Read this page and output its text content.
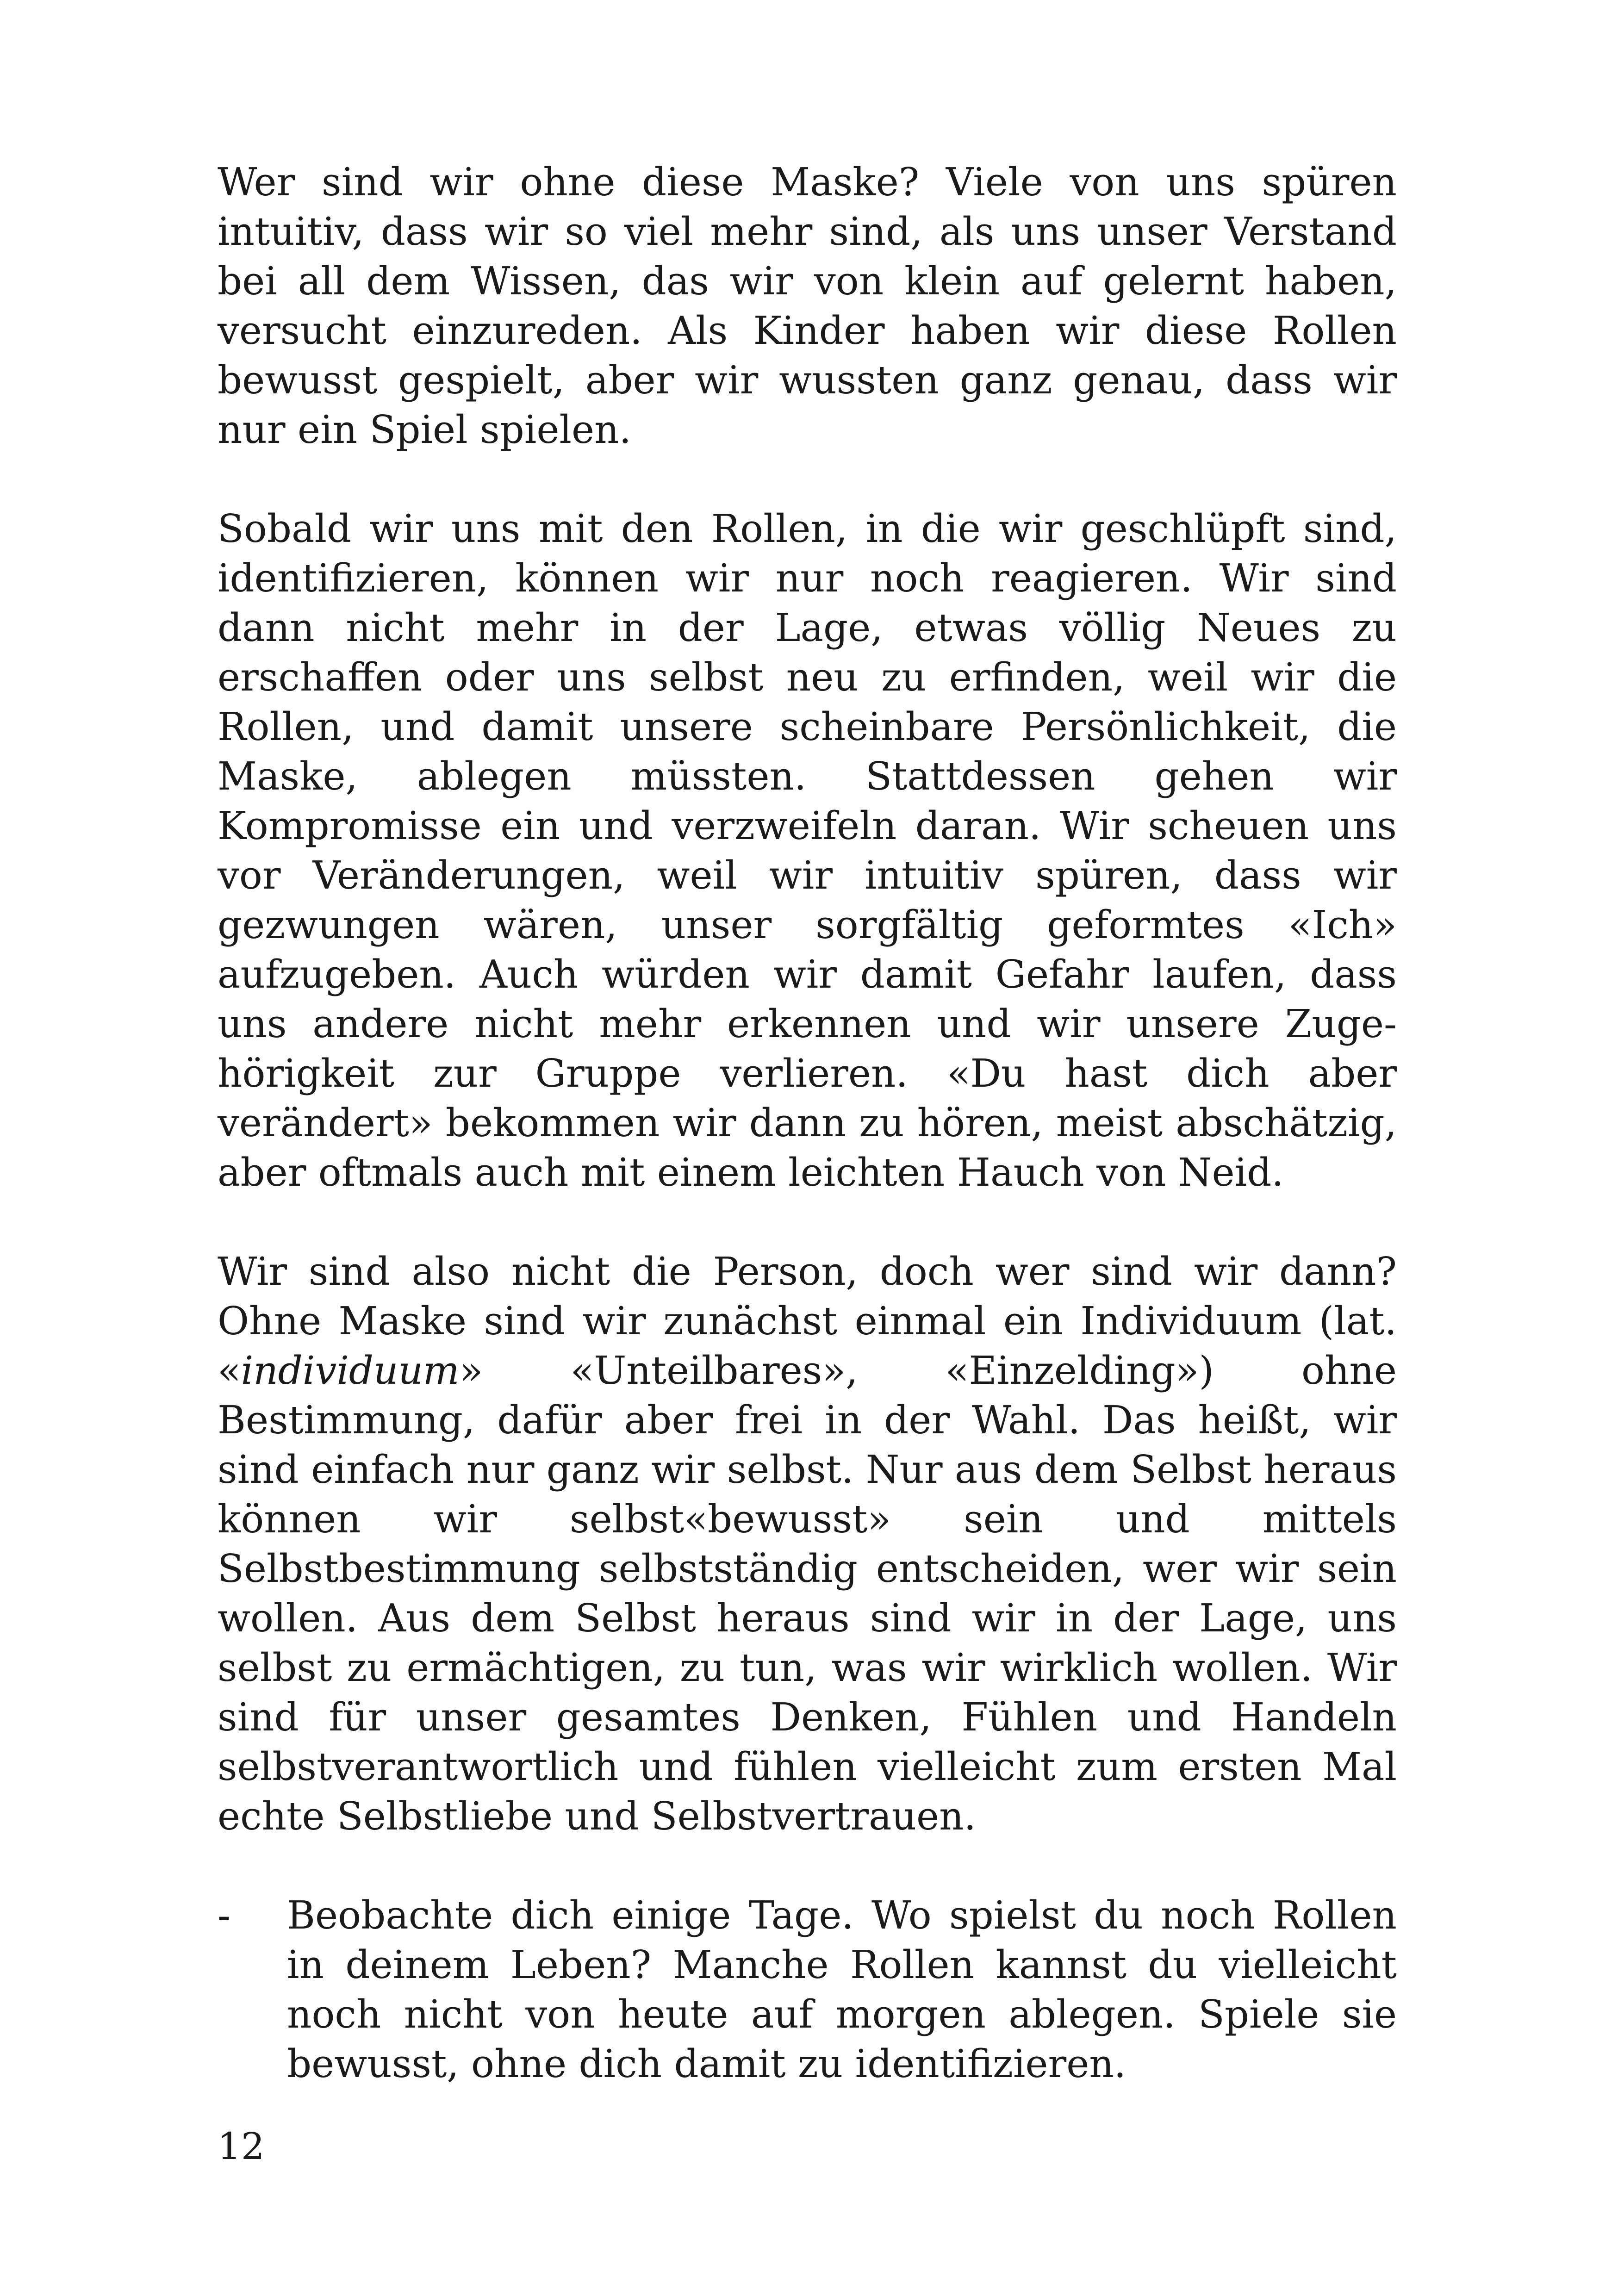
Wer sind wir ohne diese Maske? Viele von uns spüren intuitiv, dass wir so viel mehr sind, als uns unser Verstand bei all dem Wissen, das wir von klein auf gelernt haben, versucht einzureden. Als Kinder haben wir diese Rollen bewusst gespielt, aber wir wussten ganz genau, dass wir nur ein Spiel spielen.

Sobald wir uns mit den Rollen, in die wir geschlüpft sind, identifizieren, können wir nur noch reagieren. Wir sind dann nicht mehr in der Lage, etwas völlig Neues zu erschaffen oder uns selbst neu zu erfinden, weil wir die Rollen, und damit unsere scheinbare Persönlichkeit, die Maske, ablegen müssten. Stattdessen gehen wir Kompromisse ein und verzweifeln daran. Wir scheuen uns vor Veränderungen, weil wir intuitiv spüren, dass wir gezwungen wären, unser sorgfältig geformtes «Ich» aufzugeben. Auch würden wir damit Gefahr laufen, dass uns andere nicht mehr erkennen und wir unsere Zugehörigkeit zur Gruppe verlieren. «Du hast dich aber verändert» bekommen wir dann zu hören, meist abschätzig, aber oftmals auch mit einem leichten Hauch von Neid.

Wir sind also nicht die Person, doch wer sind wir dann? Ohne Maske sind wir zunächst einmal ein Individuum (lat. «individuum» «Unteilbares», «Einzelding») ohne Bestimmung, dafür aber frei in der Wahl. Das heißt, wir sind einfach nur ganz wir selbst. Nur aus dem Selbst heraus können wir selbst«bewusst» sein und mittels Selbstbestimmung selbstständig entscheiden, wer wir sein wollen. Aus dem Selbst heraus sind wir in der Lage, uns selbst zu ermächtigen, zu tun, was wir wirklich wollen. Wir sind für unser gesamtes Denken, Fühlen und Handeln selbstverantwortlich und fühlen vielleicht zum ersten Mal echte Selbstliebe und Selbstvertrauen.

-	Beobachte dich einige Tage. Wo spielst du noch Rollen in deinem Leben? Manche Rollen kannst du vielleicht noch nicht von heute auf morgen ablegen. Spiele sie bewusst, ohne dich damit zu identifizieren.

12
